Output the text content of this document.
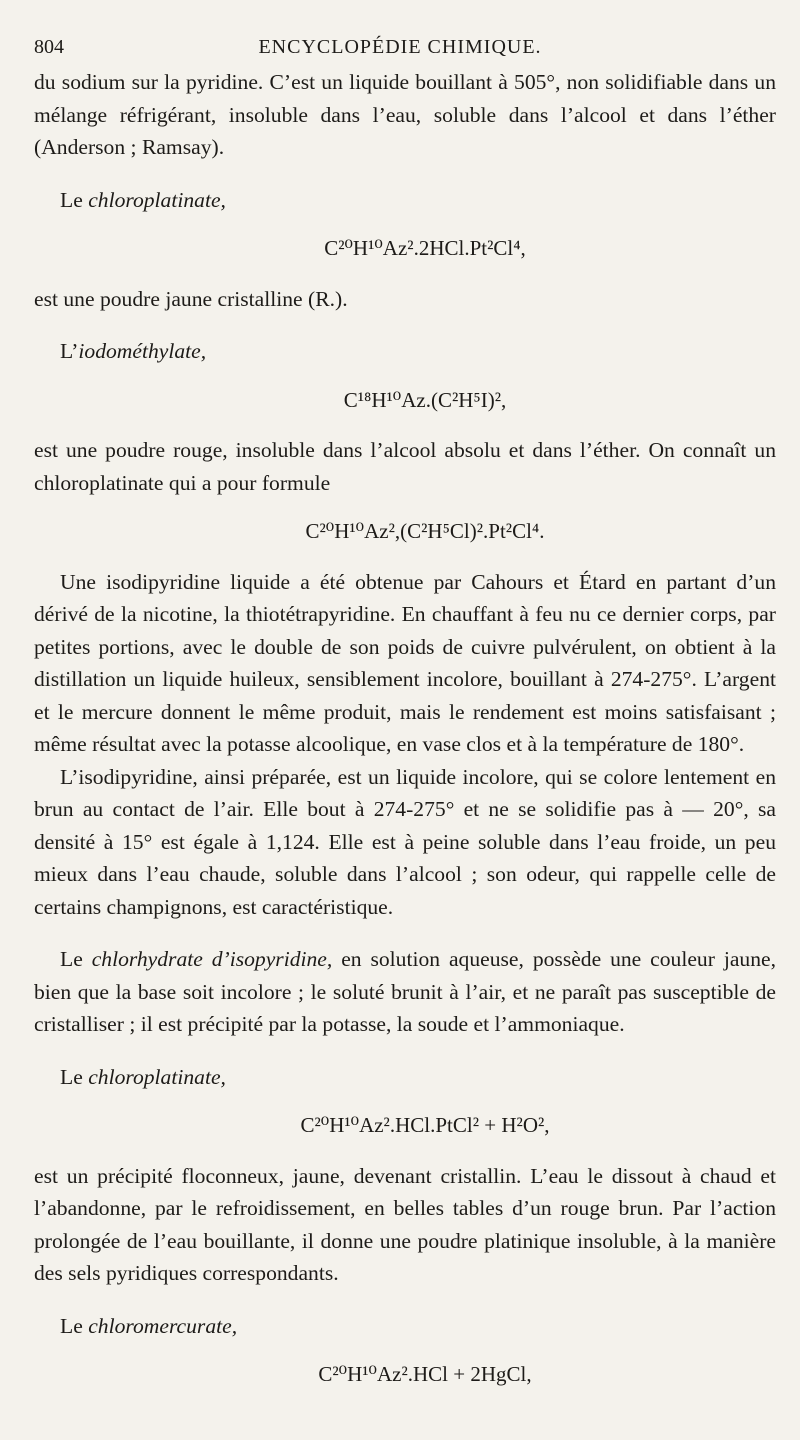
804	ENCYCLOPÉDIE CHIMIQUE.

du sodium sur la pyridine. C’est un liquide bouillant à 505°, non solidifiable dans un mélange réfrigérant, insoluble dans l’eau, soluble dans l’alcool et dans l’éther (Anderson ; Ramsay).

Le chloroplatinate,

C²⁰H¹⁰Az².2HCl.Pt²Cl⁴,

est une poudre jaune cristalline (R.).

L’iodométhylate,

C¹⁸H¹⁰Az.(C²H⁵I)²,

est une poudre rouge, insoluble dans l’alcool absolu et dans l’éther. On connaît un chloroplatinate qui a pour formule

C²⁰H¹⁰Az²,(C²H⁵Cl)².Pt²Cl⁴.

Une isodipyridine liquide a été obtenue par Cahours et Étard en partant d’un dérivé de la nicotine, la thiotétrapyridine. En chauffant à feu nu ce dernier corps, par petites portions, avec le double de son poids de cuivre pulvérulent, on obtient à la distillation un liquide huileux, sensiblement incolore, bouillant à 274-275°. L’argent et le mercure donnent le même produit, mais le rendement est moins satisfaisant ; même résultat avec la potasse alcoolique, en vase clos et à la température de 180°.

L’isodipyridine, ainsi préparée, est un liquide incolore, qui se colore lentement en brun au contact de l’air. Elle bout à 274-275° et ne se solidifie pas à — 20°, sa densité à 15° est égale à 1,124. Elle est à peine soluble dans l’eau froide, un peu mieux dans l’eau chaude, soluble dans l’alcool ; son odeur, qui rappelle celle de certains champignons, est caractéristique.

Le chlorhydrate d’isopyridine, en solution aqueuse, possède une couleur jaune, bien que la base soit incolore ; le soluté brunit à l’air, et ne paraît pas susceptible de cristalliser ; il est précipité par la potasse, la soude et l’ammoniaque.

Le chloroplatinate,

C²⁰H¹⁰Az².HCl.PtCl² + H²O²,

est un précipité floconneux, jaune, devenant cristallin. L’eau le dissout à chaud et l’abandonne, par le refroidissement, en belles tables d’un rouge brun. Par l’action prolongée de l’eau bouillante, il donne une poudre platinique insoluble, à la manière des sels pyridiques correspondants.

Le chloromercurate,

C²⁰H¹⁰Az².HCl + 2HgCl,
